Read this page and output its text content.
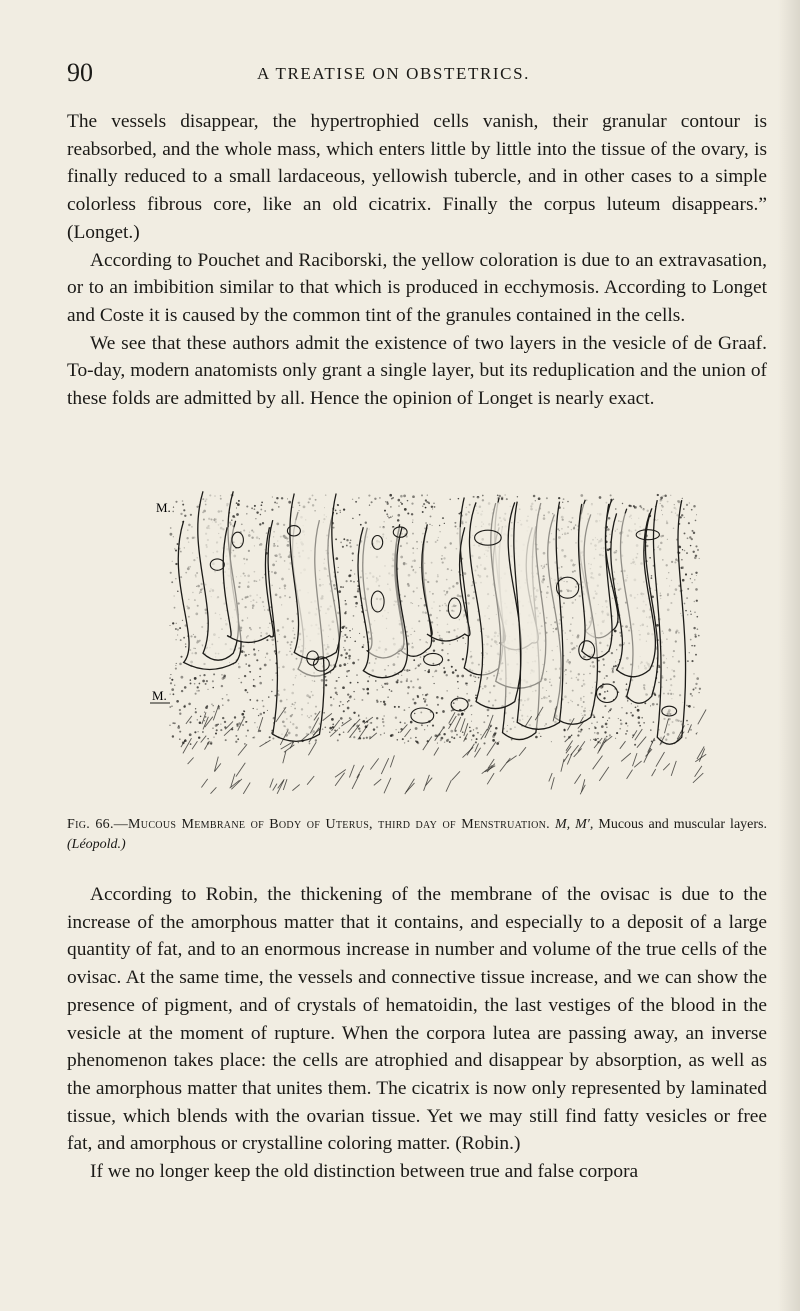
90	A TREATISE ON OBSTETRICS.

The vessels disappear, the hypertrophied cells vanish, their granular contour is reabsorbed, and the whole mass, which enters little by little into the tissue of the ovary, is finally reduced to a small lardaceous, yellowish tubercle, and in other cases to a simple colorless fibrous core, like an old cicatrix. Finally the corpus luteum disappears.” (Longet.)

According to Pouchet and Raciborski, the yellow coloration is due to an extravasation, or to an imbibition similar to that which is produced in ecchymosis. According to Longet and Coste it is caused by the common tint of the granules contained in the cells.

We see that these authors admit the existence of two layers in the vesicle of de Graaf. To-day, modern anatomists only grant a single layer, but its reduplication and the union of these folds are admitted by all. Hence the opinion of Longet is nearly exact.

M.
M.
Fig. 66.—Mucous Membrane of Body of Uterus, third day of Menstruation. M, M′, Mucous and muscular layers. (Léopold.)

According to Robin, the thickening of the membrane of the ovisac is due to the increase of the amorphous matter that it contains, and especially to a deposit of a large quantity of fat, and to an enormous increase in number and volume of the true cells of the ovisac. At the same time, the vessels and connective tissue increase, and we can show the presence of pigment, and of crystals of hematoidin, the last vestiges of the blood in the vesicle at the moment of rupture. When the corpora lutea are passing away, an inverse phenomenon takes place: the cells are atrophied and disappear by absorption, as well as the amorphous matter that unites them. The cicatrix is now only represented by laminated tissue, which blends with the ovarian tissue. Yet we may still find fatty vesicles or free fat, and amorphous or crystalline coloring matter. (Robin.)

If we no longer keep the old distinction between true and false corpora
